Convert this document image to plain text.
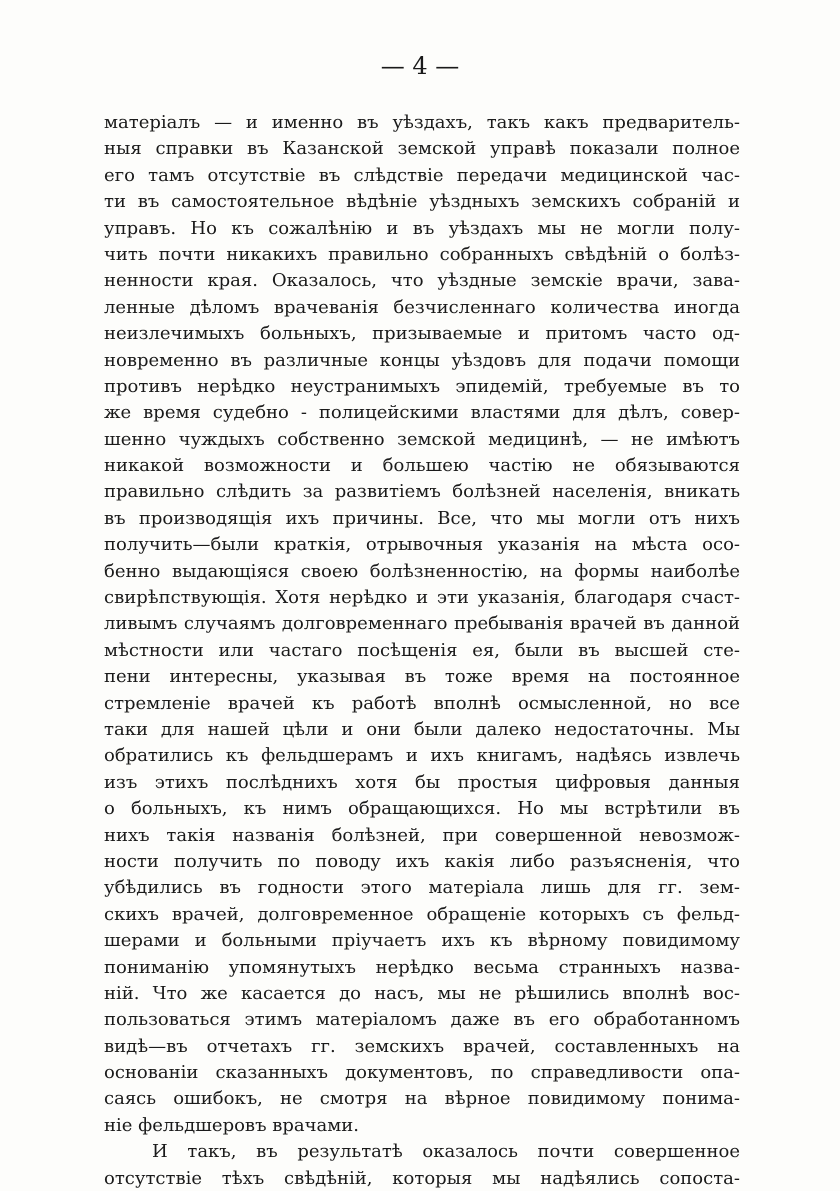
— 4 —
матеріалъ — и именно въ уѣздахъ, такъ какъ предваритель-
ныя справки въ Казанской земской управѣ показали полное
его тамъ отсутствіе въ слѣдствіе передачи медицинской час-
ти въ самостоятельное вѣдѣніе уѣздныхъ земскихъ собраній и
управъ. Но къ сожалѣнію и въ уѣздахъ мы не могли полу-
чить почти никакихъ правильно собранныхъ свѣдѣній о болѣз-
ненности края. Оказалось, что уѣздные земскіе врачи, зава-
ленные дѣломъ врачеванія безчисленнаго количества иногда
неизлечимыхъ больныхъ, призываемые и притомъ часто од-
новременно въ различные концы уѣздовъ для подачи помощи
противъ нерѣдко неустранимыхъ эпидемій, требуемые въ то
же время судебно - полицейскими властями для дѣлъ, совер-
шенно чуждыхъ собственно земской медицинѣ, — не имѣютъ
никакой возможности и большею частію не обязываются
правильно слѣдить за развитіемъ болѣзней населенія, вникать
въ производящія ихъ причины. Все, что мы могли отъ нихъ
получить—были краткія, отрывочныя указанія на мѣста осо-
бенно выдающіяся своею болѣзненностію, на формы наиболѣе
свирѣпствующія. Хотя нерѣдко и эти указанія, благодаря счаст-
ливымъ случаямъ долговременнаго пребыванія врачей въ данной
мѣстности или частаго посѣщенія ея, были въ высшей сте-
пени интересны, указывая въ тоже время на постоянное
стремленіе врачей къ работѣ вполнѣ осмысленной, но все
таки для нашей цѣли и они были далеко недостаточны. Мы
обратились къ фельдшерамъ и ихъ книгамъ, надѣясь извлечь
изъ этихъ послѣднихъ хотя бы простыя цифровыя данныя
о больныхъ, къ нимъ обращающихся. Но мы встрѣтили въ
нихъ такія названія болѣзней, при совершенной невозмож-
ности получить по поводу ихъ какія либо разъясненія, что
убѣдились въ годности этого матеріала лишь для гг. зем-
скихъ врачей, долговременное обращеніе которыхъ съ фельд-
шерами и больными пріучаетъ ихъ къ вѣрному повидимому
пониманію упомянутыхъ нерѣдко весьма странныхъ назва-
ній. Что же касается до насъ, мы не рѣшились вполнѣ вос-
пользоваться этимъ матеріаломъ даже въ его обработанномъ
видѣ—въ отчетахъ гг. земскихъ врачей, составленныхъ на
основаніи сказанныхъ документовъ, по справедливости опа-
саясь ошибокъ, не смотря на вѣрное повидимому понима-
ніе фельдшеровъ врачами.
И такъ, въ результатѣ оказалось почти совершенное
отсутствіе тѣхъ свѣдѣній, которыя мы надѣялись сопоста-
